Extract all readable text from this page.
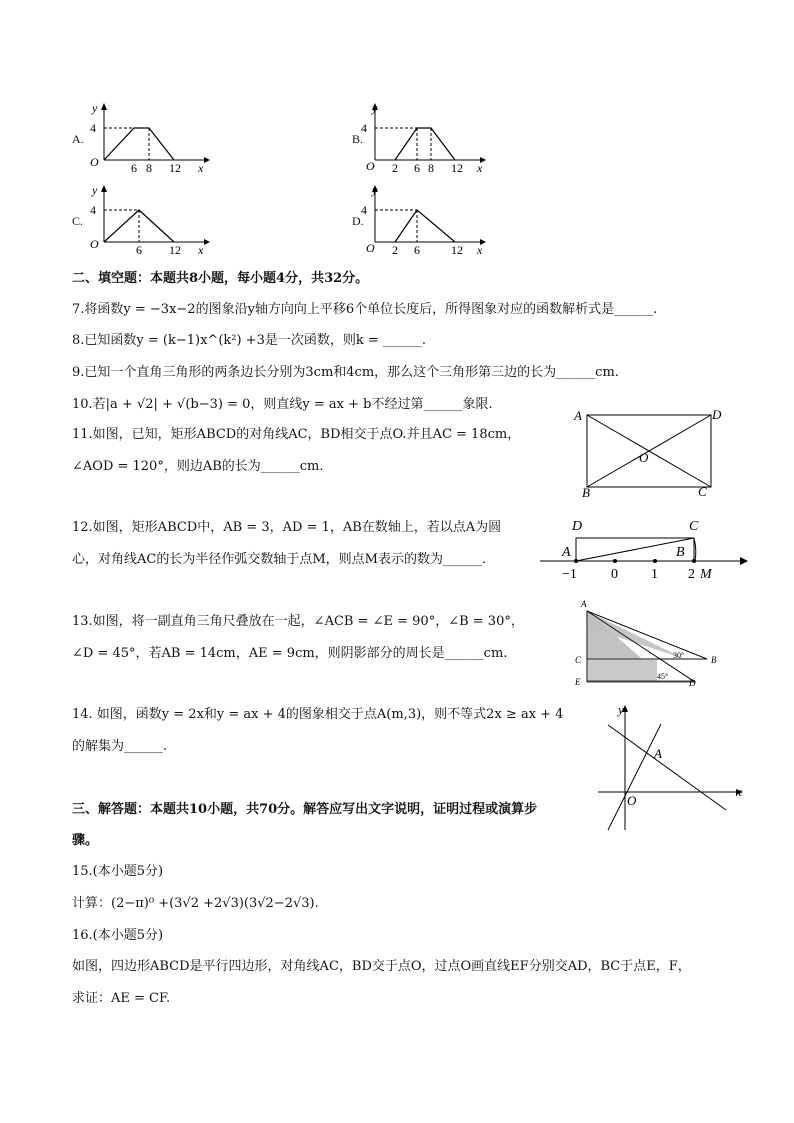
A.
y
4
O	6 8 12 x
B.
y
4
O 2 6 8 12 x
C.
y
4
O	6 12 x
D.
y
4
O 2 6	12 x
二、填空题：本题共8小题，每小题4分，共32分。
7.将函数y = −3x−2的图象沿y轴方向向上平移6个单位长度后，所得图象对应的函数解析式是______.
8.已知函数y = (k−1)x^(k²) +3是一次函数，则k = ______.
9.已知一个直角三角形的两条边长分别为3cm和4cm，那么这个三角形第三边的长为______cm.
10.若|a + √2| + √(b−3) = 0，则直线y = ax + b不经过第______象限.
11.如图，已知，矩形ABCD的对角线AC，BD相交于点O.并且AC = 18cm，
∠AOD = 120°，则边AB的长为______cm.
A	D
B	C
O
12.如图，矩形ABCD中，AB = 3，AD = 1，AB在数轴上，若以点A为圆
心，对角线AC的长为半径作弧交数轴于点M，则点M表示的数为______.
D	C
A	B
−1 0 1 2 M
13.如图，将一副直角三角尺叠放在一起，∠ACB = ∠E = 90°，∠B = 30°，
∠D = 45°，若AB = 14cm，AE = 9cm，则阴影部分的周长是______cm.
A
C
E
B
D
30°
45°
14. 如图，函数y = 2x和y = ax + 4的图象相交于点A(m,3)，则不等式2x ≥ ax + 4
的解集为______.
y
x
O
A
三、解答题：本题共10小题，共70分。解答应写出文字说明，证明过程或演算步
骤。
15.(本小题5分)
计算：(2−π)⁰ +(3√2 +2√3)(3√2−2√3).
16.(本小题5分)
如图，四边形ABCD是平行四边形，对角线AC，BD交于点O，过点O画直线EF分别交AD，BC于点E，F，
求证：AE = CF.
